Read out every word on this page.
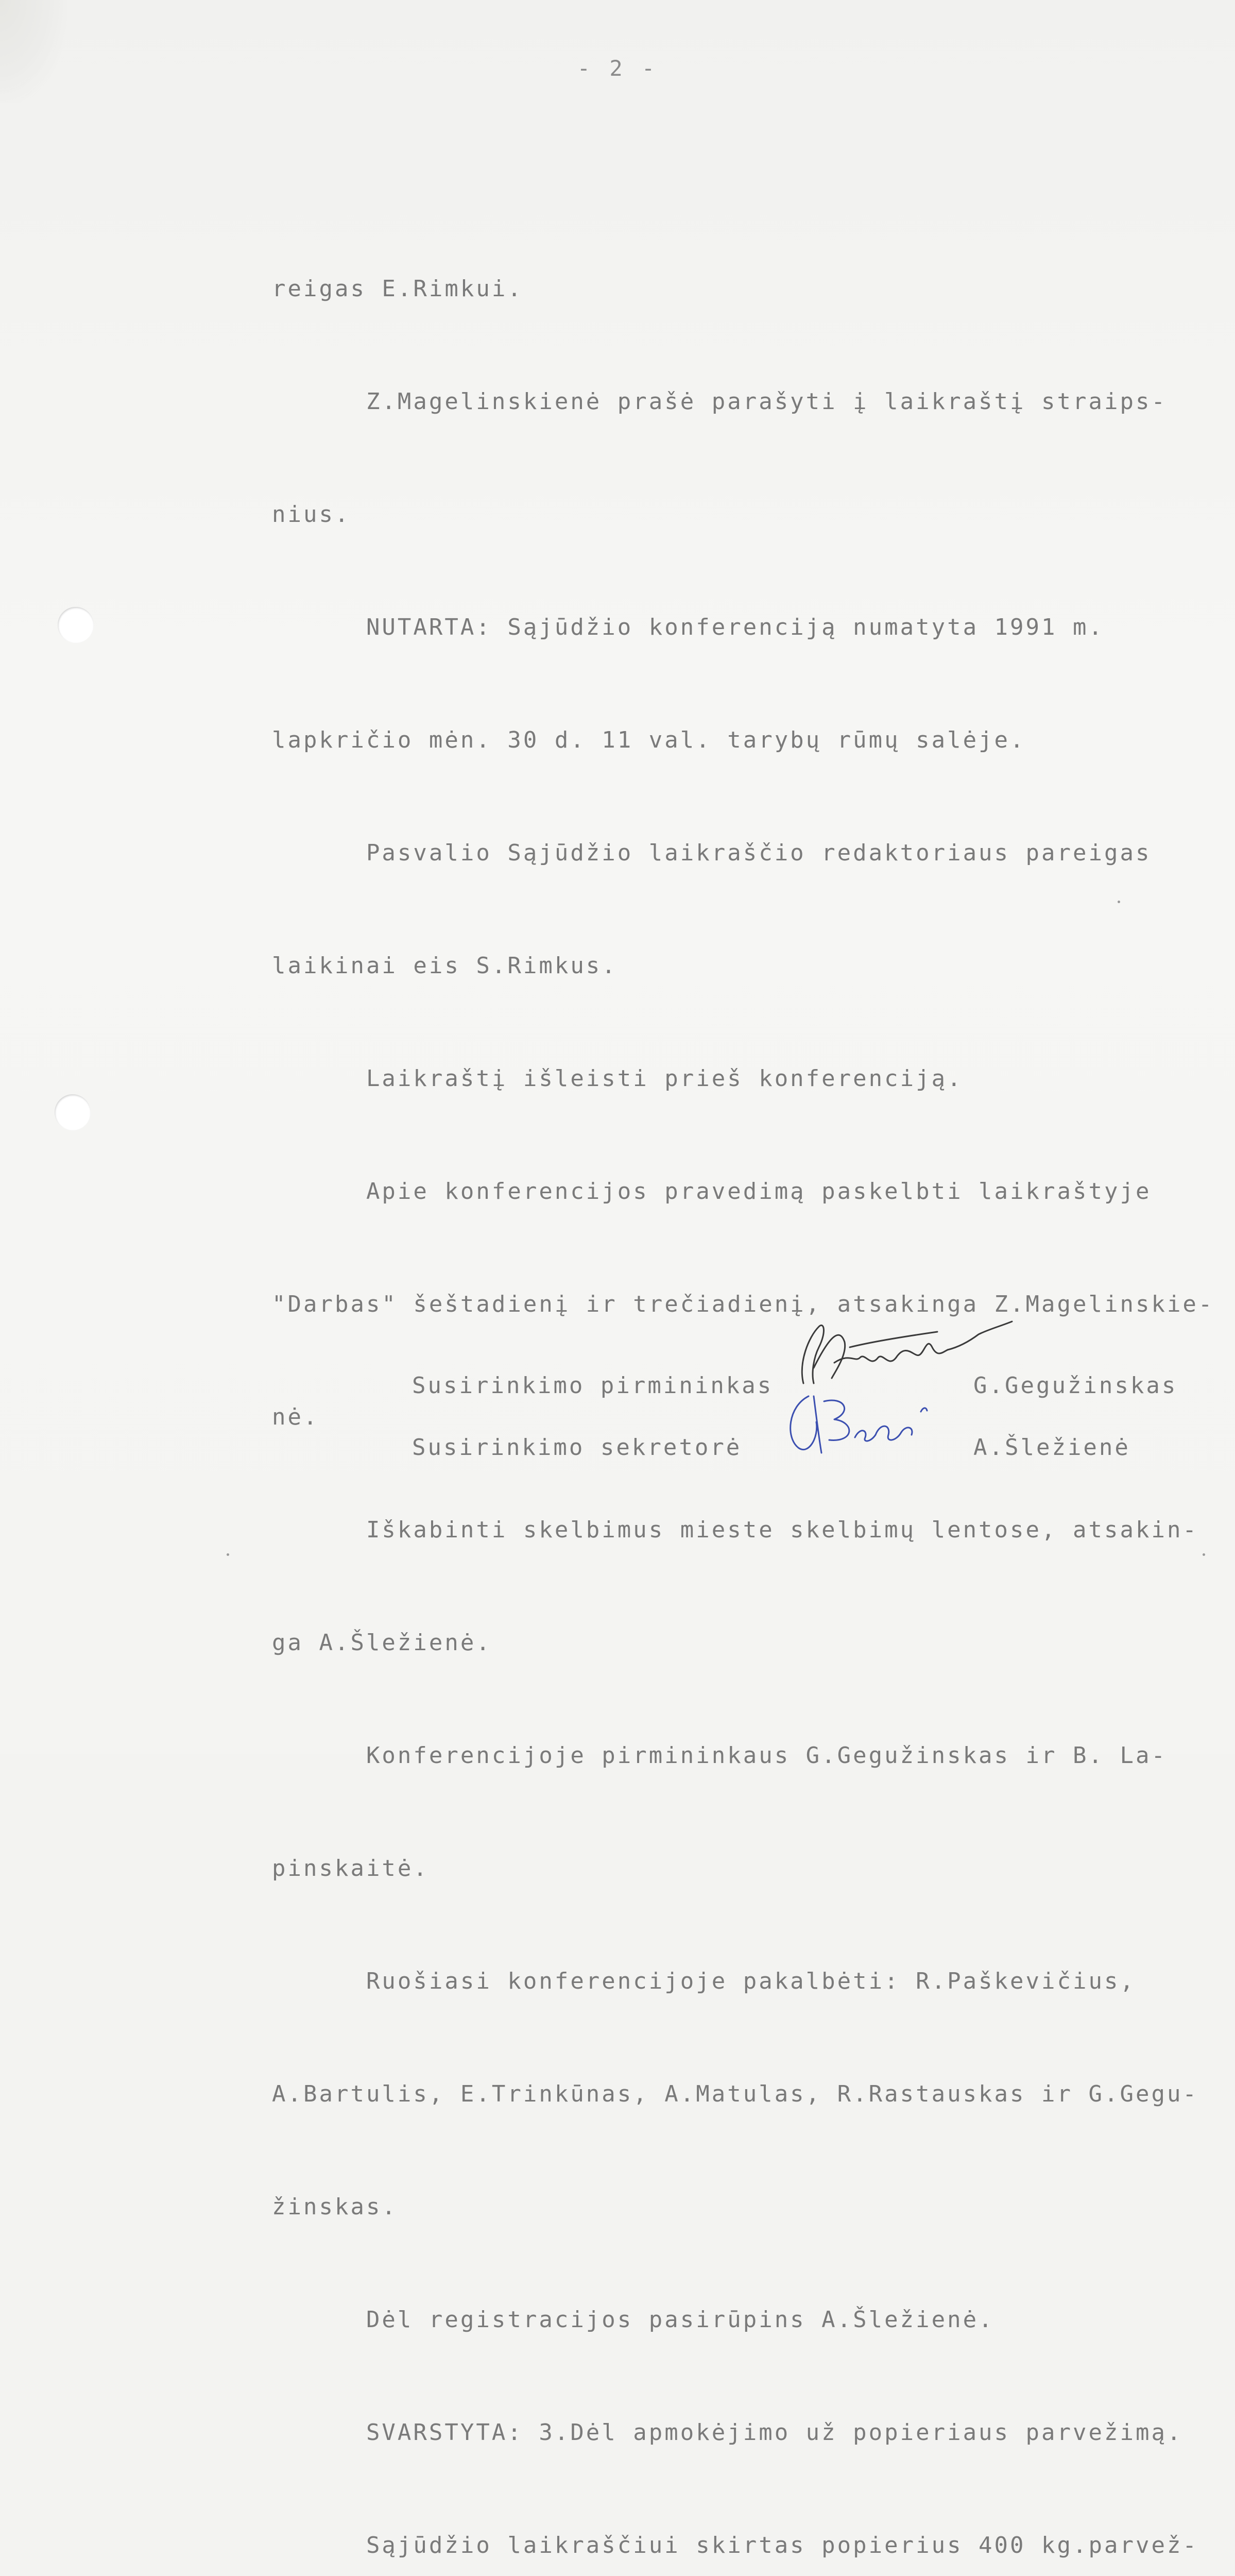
- 2 -

reigas E.Rimkui.

Z.Magelinskienė prašė parašyti į laikraštį straips-

nius.

NUTARTA: Sąjūdžio konferenciją numatyta 1991 m.

lapkričio mėn. 30 d. 11 val. tarybų rūmų salėje.

Pasvalio Sąjūdžio laikraščio redaktoriaus pareigas

laikinai eis S.Rimkus.

Laikraštį išleisti prieš konferenciją.

Apie konferencijos pravedimą paskelbti laikraštyje

"Darbas" šeštadienį ir trečiadienį, atsakinga Z.Magelinskie-

nė.

Iškabinti skelbimus mieste skelbimų lentose, atsakin-

ga A.Šležienė.

Konferencijoje pirmininkaus G.Gegužinskas ir B. La-

pinskaitė.

Ruošiasi konferencijoje pakalbėti: R.Paškevičius,

A.Bartulis, E.Trinkūnas, A.Matulas, R.Rastauskas ir G.Gegu-

žinskas.

Dėl registracijos pasirūpins A.Šležienė.

SVARSTYTA: 3.Dėl apmokėjimo už popieriaus parvežimą.

Sąjūdžio laikraščiui skirtas popierius 400 kg.parvež-

Susirinkimo pirmininkas

	G.Gegužinskas

Susirinkimo sekretorė

	A.Šležienė
